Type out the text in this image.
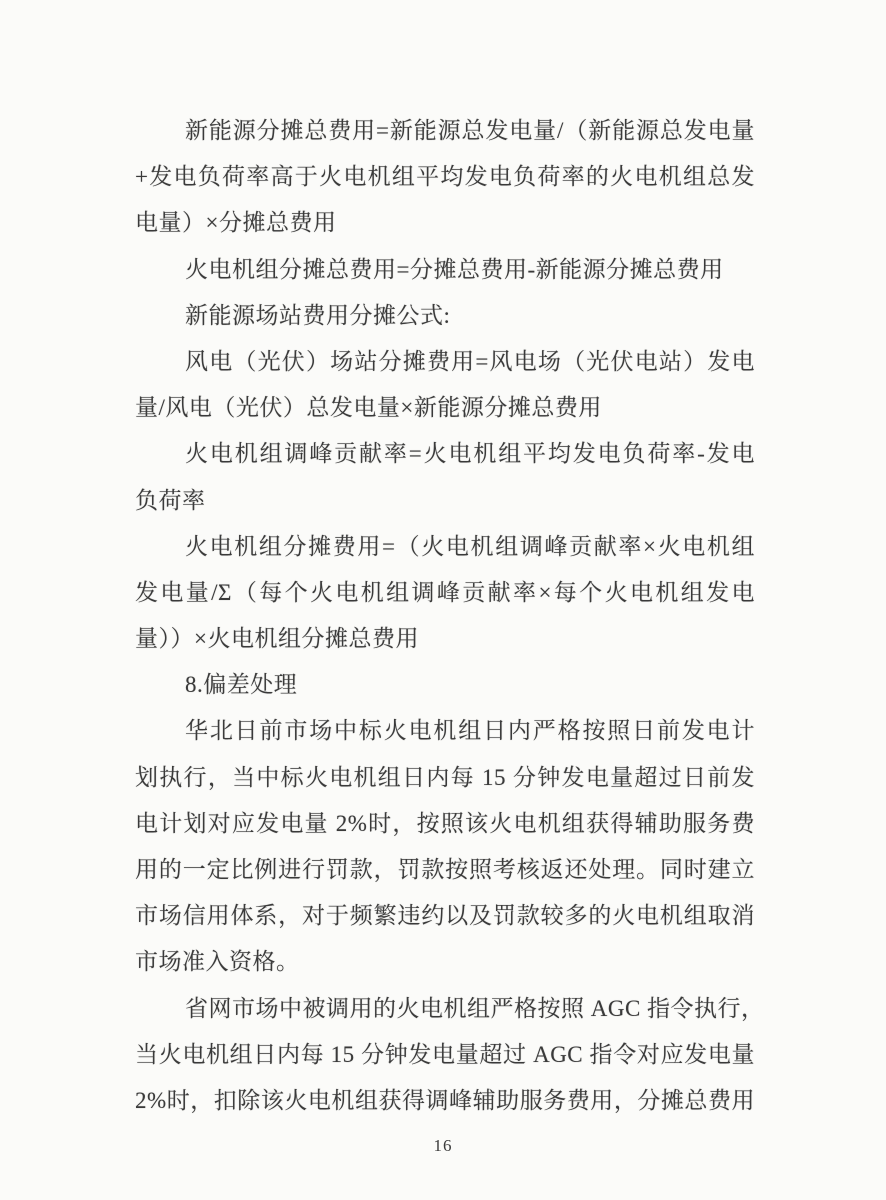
新能源分摊总费用=新能源总发电量/（新能源总发电量
+发电负荷率高于火电机组平均发电负荷率的火电机组总发
电量）×分摊总费用
火电机组分摊总费用=分摊总费用-新能源分摊总费用
新能源场站费用分摊公式:
风电（光伏）场站分摊费用=风电场（光伏电站）发电
量/风电（光伏）总发电量×新能源分摊总费用
火电机组调峰贡献率=火电机组平均发电负荷率-发电
负荷率
火电机组分摊费用=（火电机组调峰贡献率×火电机组
发电量/Σ（每个火电机组调峰贡献率×每个火电机组发电
量））×火电机组分摊总费用
8.偏差处理
华北日前市场中标火电机组日内严格按照日前发电计
划执行，当中标火电机组日内每 15 分钟发电量超过日前发
电计划对应发电量 2%时，按照该火电机组获得辅助服务费
用的一定比例进行罚款，罚款按照考核返还处理。同时建立
市场信用体系，对于频繁违约以及罚款较多的火电机组取消
市场准入资格。
省网市场中被调用的火电机组严格按照 AGC 指令执行，
当火电机组日内每 15 分钟发电量超过 AGC 指令对应发电量
2%时，扣除该火电机组获得调峰辅助服务费用，分摊总费用
16
